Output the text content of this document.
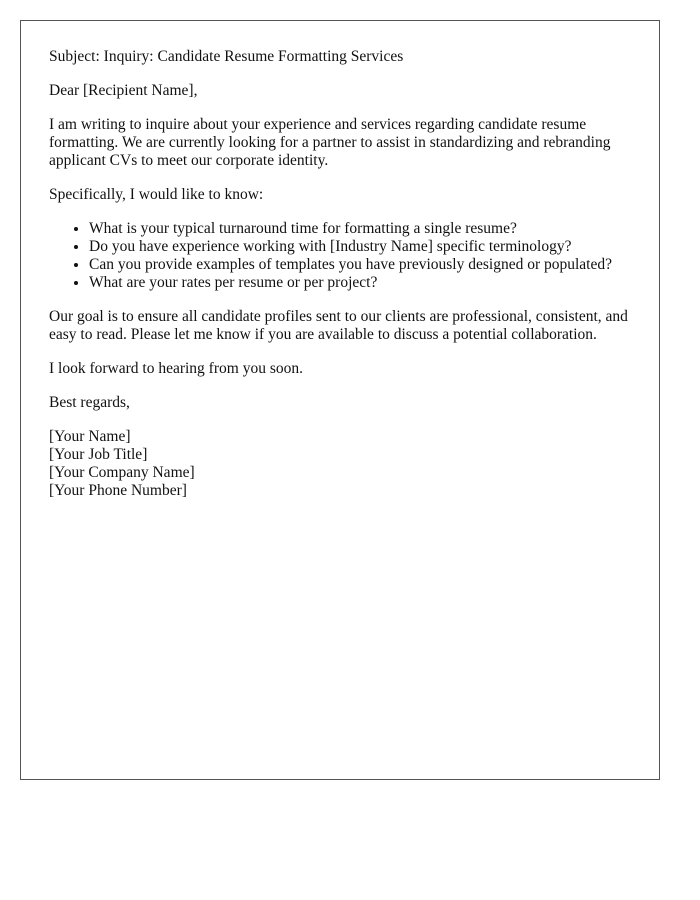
Subject: Inquiry: Candidate Resume Formatting Services

Dear [Recipient Name],

I am writing to inquire about your experience and services regarding candidate resume formatting. We are currently looking for a partner to assist in standardizing and rebranding applicant CVs to meet our corporate identity.

Specifically, I would like to know:

• What is your typical turnaround time for formatting a single resume?
• Do you have experience working with [Industry Name] specific terminology?
• Can you provide examples of templates you have previously designed or populated?
• What are your rates per resume or per project?

Our goal is to ensure all candidate profiles sent to our clients are professional, consistent, and easy to read. Please let me know if you are available to discuss a potential collaboration.

I look forward to hearing from you soon.

Best regards,

[Your Name]
[Your Job Title]
[Your Company Name]
[Your Phone Number]
